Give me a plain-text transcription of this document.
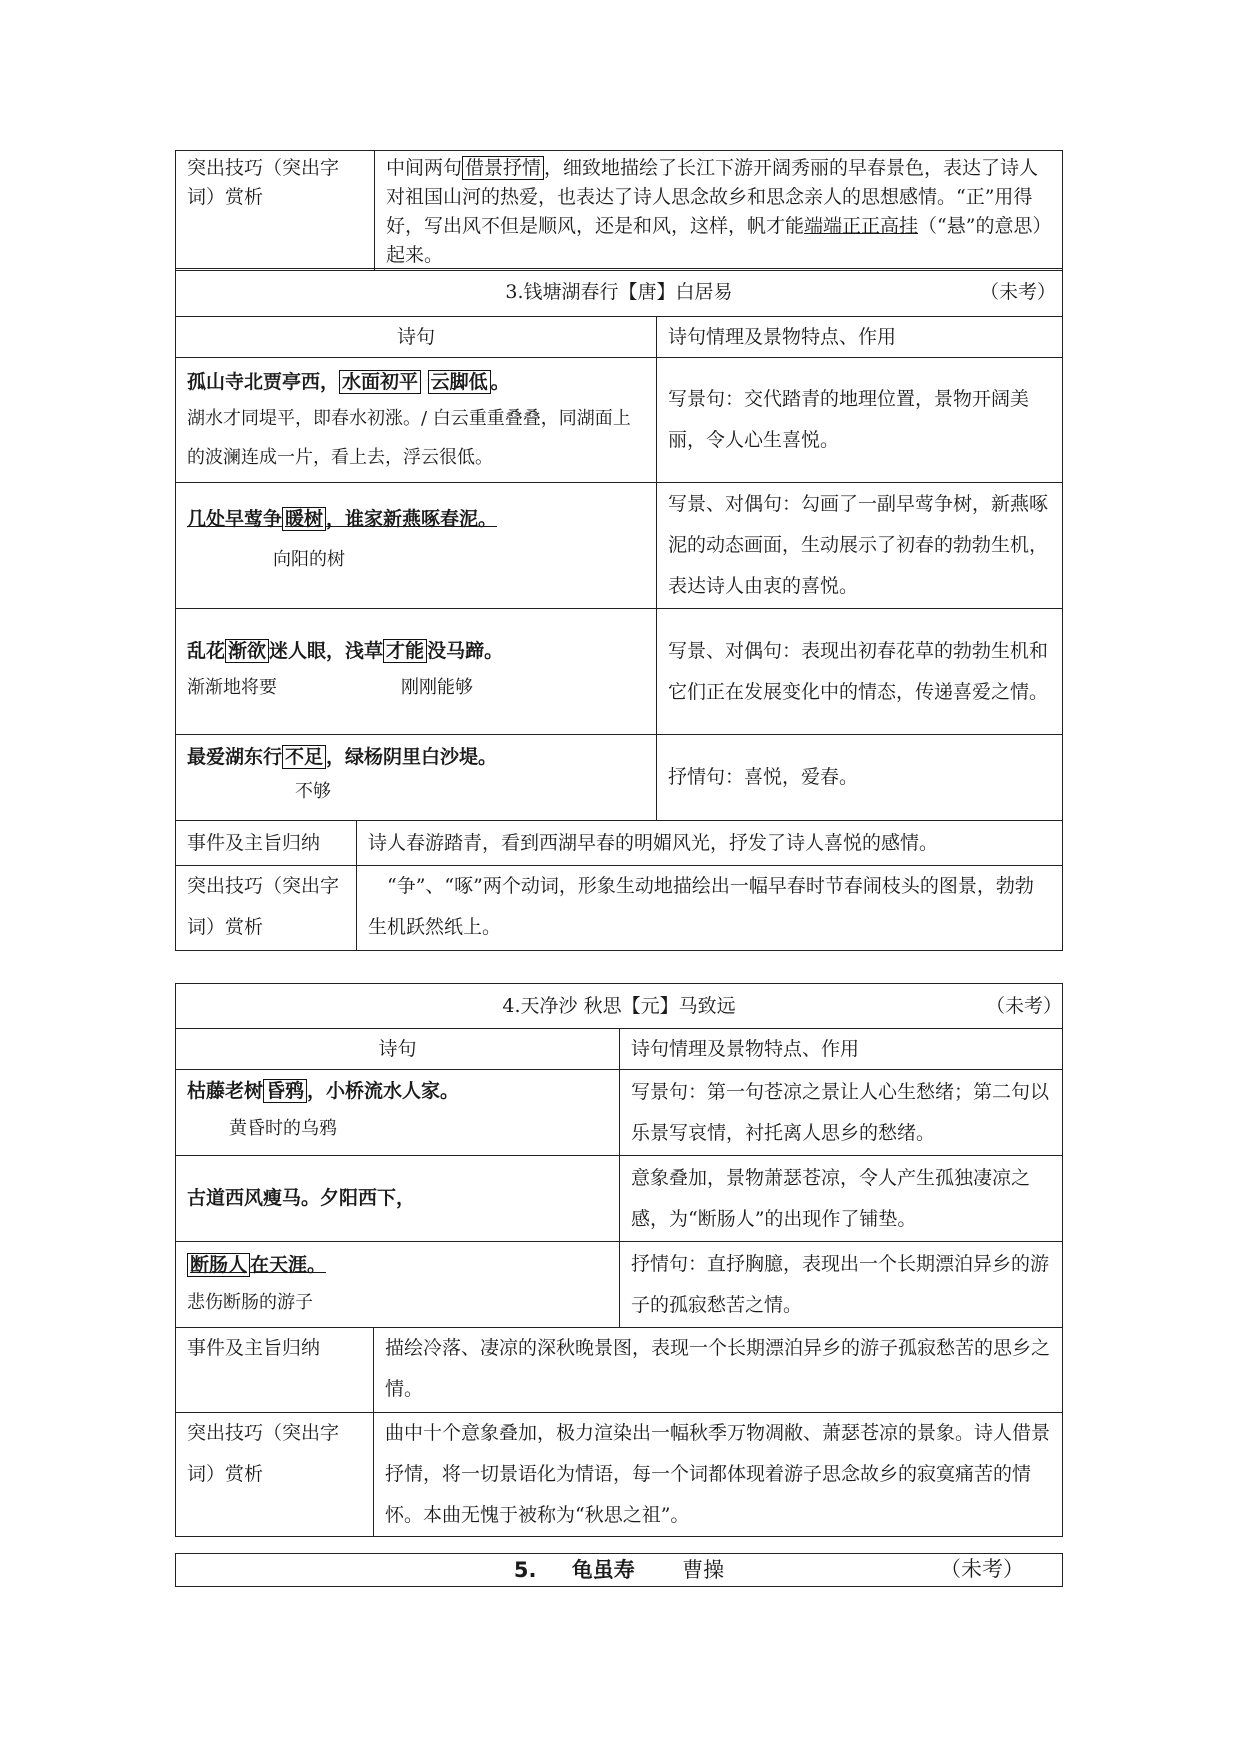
突出技巧（突出字词）赏析	中间两句 借景抒情 ，细致地描绘了长江下游开阔秀丽的早春景色，表达了诗人对祖国山河的热爱，也表达了诗人思念故乡和思念亲人的思想感情。“正”用得好，写出风不但是顺风，还是和风，这样，帆才能端端正正高挂（“悬”的意思）起来。
3.钱塘湖春行【唐】白居易 （未考）		

诗句		诗句情理及景物特点、作用

孤山寺北贾亭西， 水面初平 云脚低 。
湖水才同堤平，即春水初涨。/ 白云重重叠叠，同湖面上的波澜连成一片，看上去，浮云很低。		写景句：交代踏青的地理位置，景物开阔美丽，令人心生喜悦。

几处早莺争 暖树 ，谁家新燕啄春泥。
向阳的树		写景、对偶句：勾画了一副早莺争树，新燕啄泥的动态画面，生动展示了初春的勃勃生机，表达诗人由衷的喜悦。

乱花 渐欲 迷人眼，浅草 才能 没马蹄。
渐渐地将要 刚刚能够		写景、对偶句：表现出初春花草的勃勃生机和它们正在发展变化中的情态，传递喜爱之情。

最爱湖东行 不足 ，绿杨阴里白沙堤。
不够		抒情句：喜悦，爱春。
事件及主旨归纳	诗人春游踏青，看到西湖早春的明媚风光，抒发了诗人喜悦的感情。	
突出技巧（突出字词）赏析	“争”、“啄”两个动词，形象生动地描绘出一幅早春时节春闹枝头的图景，勃勃生机跃然纸上。	
4.天净沙 秋思【元】马致远 （未考）		

诗句		诗句情理及景物特点、作用

枯藤老树 昏鸦 ，小桥流水人家。
黄昏时的乌鸦		写景句：第一句苍凉之景让人心生愁绪；第二句以乐景写哀情，衬托离人思乡的愁绪。

古道西风瘦马。夕阳西下，		意象叠加，景物萧瑟苍凉，令人产生孤独凄凉之感，为“断肠人”的出现作了铺垫。

断肠人 在天涯。
悲伤断肠的游子		抒情句：直抒胸臆，表现出一个长期漂泊异乡的游子的孤寂愁苦之情。
事件及主旨归纳	描绘冷落、凄凉的深秋晚景图，表现一个长期漂泊异乡的游子孤寂愁苦的思乡之情。	
突出技巧（突出字词）赏析	曲中十个意象叠加，极力渲染出一幅秋季万物凋敝、萧瑟苍凉的景象。诗人借景抒情，将一切景语化为情语，每一个词都体现着游子思念故乡的寂寞痛苦的情怀。本曲无愧于被称为“秋思之祖”。	
5. 龟虽寿 曹操	（未考）
